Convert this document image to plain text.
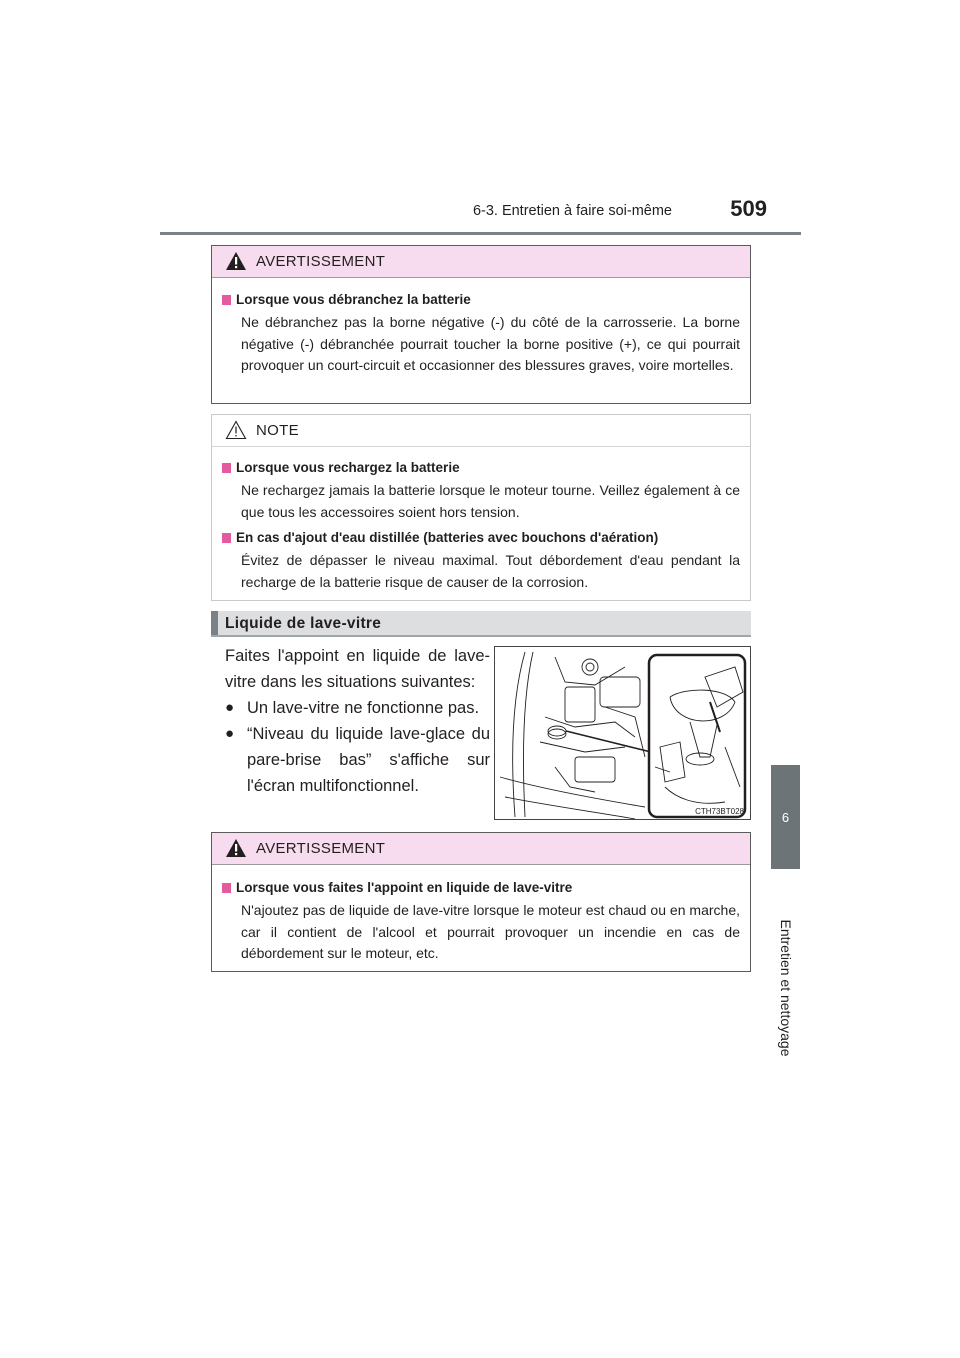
6-3. Entretien à faire soi-même	509
6
Entretien et nettoyage
AVERTISSEMENT
Lorsque vous débranchez la batterie
Ne débranchez pas la borne négative (-) du côté de la carrosserie. La borne négative (-) débranchée pourrait toucher la borne positive (+), ce qui pourrait provoquer un court-circuit et occasionner des blessures graves, voire mortelles.
NOTE
Lorsque vous rechargez la batterie
Ne rechargez jamais la batterie lorsque le moteur tourne. Veillez également à ce que tous les accessoires soient hors tension.
En cas d'ajout d'eau distillée (batteries avec bouchons d'aération)
Évitez de dépasser le niveau maximal. Tout débordement d'eau pendant la recharge de la batterie risque de causer de la corrosion.
Liquide de lave-vitre
Faites l'appoint en liquide de lave-vitre dans les situations suivantes:
● Un lave-vitre ne fonctionne pas.
● “Niveau du liquide lave-glace du pare-brise bas” s'affiche sur l'écran multifonctionnel.
CTH73BT028
AVERTISSEMENT
Lorsque vous faites l'appoint en liquide de lave-vitre
N'ajoutez pas de liquide de lave-vitre lorsque le moteur est chaud ou en marche, car il contient de l'alcool et pourrait provoquer un incendie en cas de débordement sur le moteur, etc.
